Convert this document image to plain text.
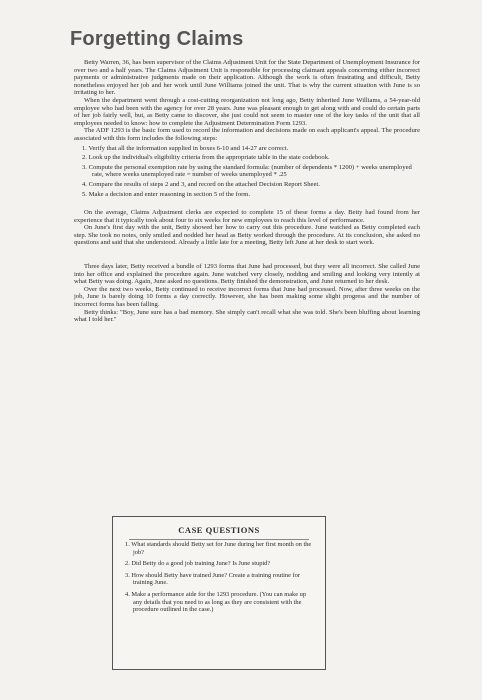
Forgetting Claims

Betty Warren, 36, has been supervisor of the Claims Adjustment Unit for the State Department of Unemployment Insurance for over two and a half years. The Claims Adjustment Unit is responsible for processing claimant appeals concerning either incorrect payments or administrative judgments made on their application. Although the work is often frustrating and difficult, Betty nonetheless enjoyed her job and her work until June Williams joined the unit. That is why the current situation with June is so irritating to her.

When the department went through a cost-cutting reorganization not long ago, Betty inherited June Williams, a 54-year-old employee who had been with the agency for over 28 years. June was pleasant enough to get along with and could do certain parts of her job fairly well, but, as Betty came to discover, she just could not seem to master one of the key tasks of the unit that all employees needed to know: how to complete the Adjustment Determination Form 1293.

The ADF 1293 is the basic form used to record the information and decisions made on each applicant's appeal. The procedure associated with this form includes the following steps:

1. Verify that all the information supplied in boxes 6-10 and 14-27 are correct.
2. Look up the individual's eligibility criteria from the appropriate table in the state codebook.
3. Compute the personal exemption rate by using the standard formula: (number of dependents * 1200) + weeks unemployed rate, where weeks unemployed rate = number of weeks unemployed * .25
4. Compare the results of steps 2 and 3, and record on the attached Decision Report Sheet.
5. Make a decision and enter reasoning in section 5 of the form.

On the average, Claims Adjustment clerks are expected to complete 15 of these forms a day. Betty had found from her experience that it typically took about four to six weeks for new employees to reach this level of performance.

On June's first day with the unit, Betty showed her how to carry out this procedure. June watched as Betty completed each step. She took no notes, only smiled and nodded her head as Betty worked through the procedure. At its conclusion, she asked no questions and said that she understood. Already a little late for a meeting, Betty left June at her desk to start work.

Three days later, Betty received a bundle of 1293 forms that June had processed, but they were all incorrect. She called June into her office and explained the procedure again. June watched very closely, nodding and smiling and looking very intently at what Betty was doing. Again, June asked no questions. Betty finished the demonstration, and June returned to her desk.

Over the next two weeks, Betty continued to receive incorrect forms that June had processed. Now, after three weeks on the job, June is barely doing 10 forms a day correctly. However, she has been making some slight progress and the number of incorrect forms has been falling.

Betty thinks: "Boy, June sure has a bad memory. She simply can't recall what she was told. She's been bluffing about learning what I told her."

CASE QUESTIONS
1. What standards should Betty set for June during her first month on the job?
2. Did Betty do a good job training June? Is June stupid?
3. How should Betty have trained June? Create a training routine for training June.
4. Make a performance aide for the 1293 procedure. (You can make up any details that you need to as long as they are consistent with the procedure outlined in the case.)
